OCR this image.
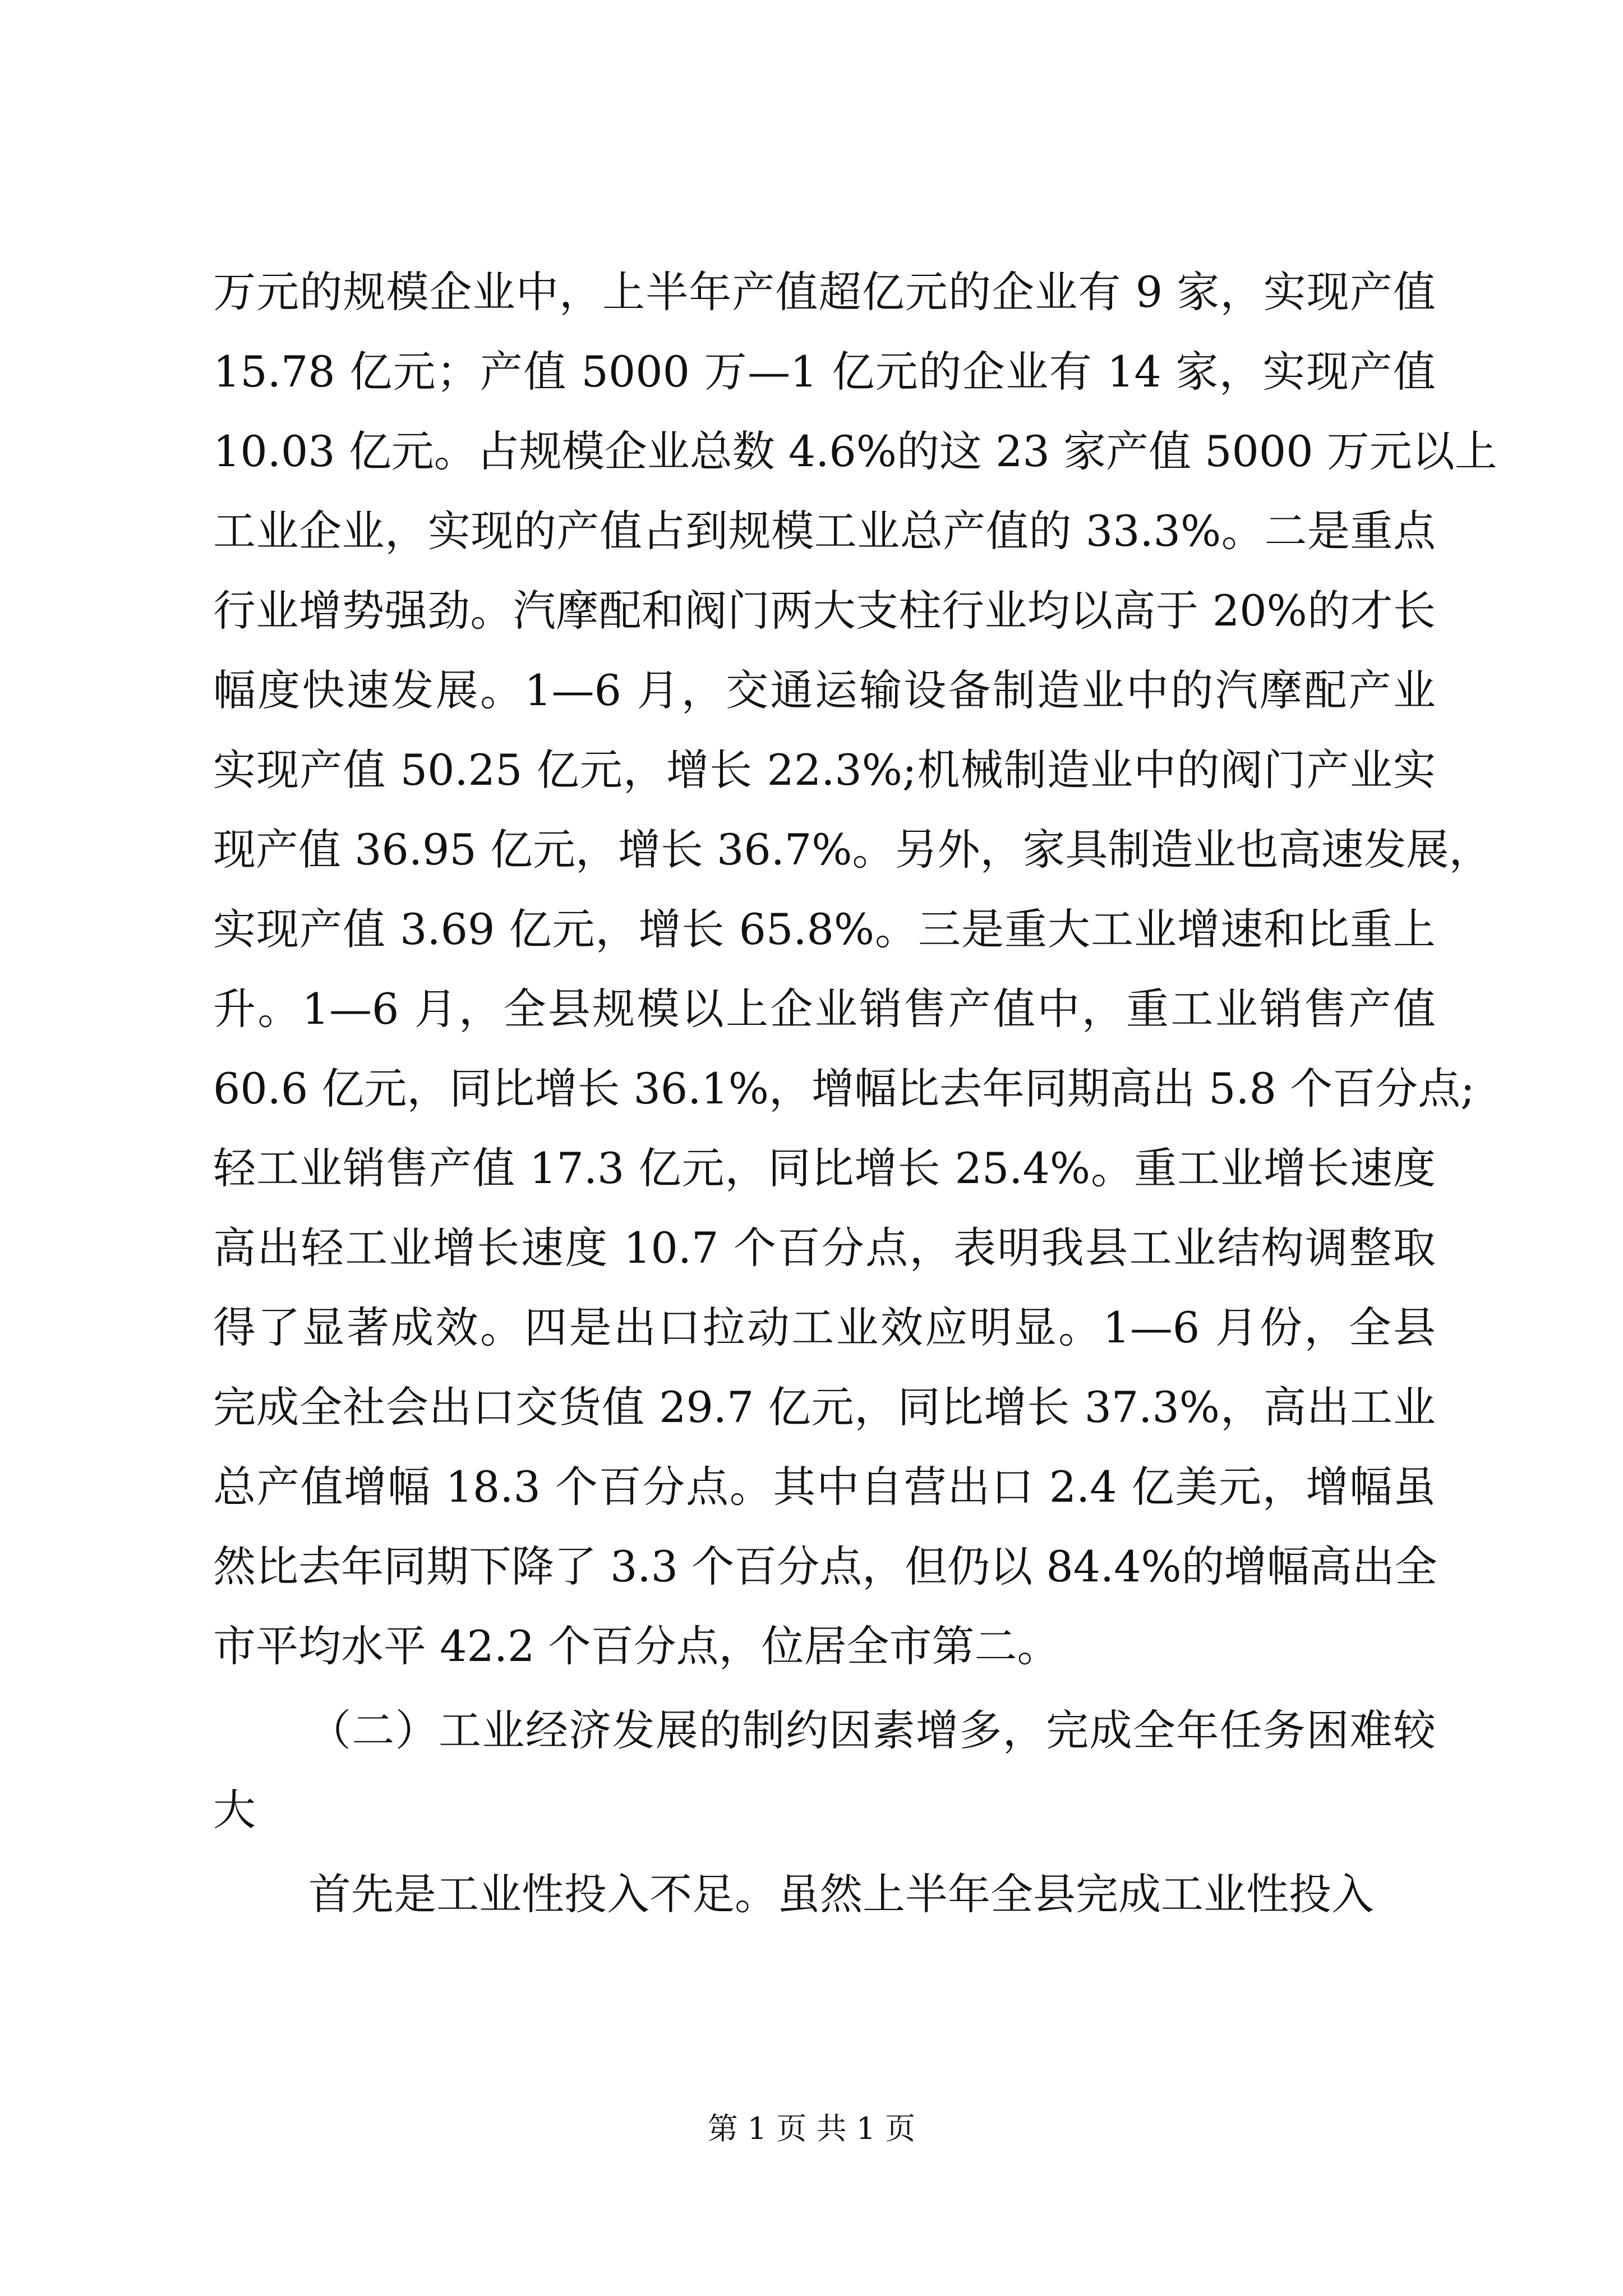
万元的规模企业中，上半年产值超亿元的企业有 9 家，实现产值
15.78 亿元；产值 5000 万—1 亿元的企业有 14 家，实现产值
10.03 亿元。占规模企业总数 4.6%的这 23 家产值 5000 万元以上
工业企业，实现的产值占到规模工业总产值的 33.3%。二是重点
行业增势强劲。汽摩配和阀门两大支柱行业均以高于 20%的才长
幅度快速发展。1—6 月，交通运输设备制造业中的汽摩配产业
实现产值 50.25 亿元，增长 22.3%;机械制造业中的阀门产业实
现产值 36.95 亿元，增长 36.7%。另外，家具制造业也高速发展，
实现产值 3.69 亿元，增长 65.8%。三是重大工业增速和比重上
升。1—6 月，全县规模以上企业销售产值中，重工业销售产值
60.6 亿元，同比增长 36.1%，增幅比去年同期高出 5.8 个百分点;
轻工业销售产值 17.3 亿元，同比增长 25.4%。重工业增长速度
高出轻工业增长速度 10.7 个百分点，表明我县工业结构调整取
得了显著成效。四是出口拉动工业效应明显。1—6 月份，全县
完成全社会出口交货值 29.7 亿元，同比增长 37.3%，高出工业
总产值增幅 18.3 个百分点。其中自营出口 2.4 亿美元，增幅虽
然比去年同期下降了 3.3 个百分点，但仍以 84.4%的增幅高出全
市平均水平 42.2 个百分点，位居全市第二。
（二）工业经济发展的制约因素增多，完成全年任务困难较
大
首先是工业性投入不足。虽然上半年全县完成工业性投入
第 1 页 共 1 页
